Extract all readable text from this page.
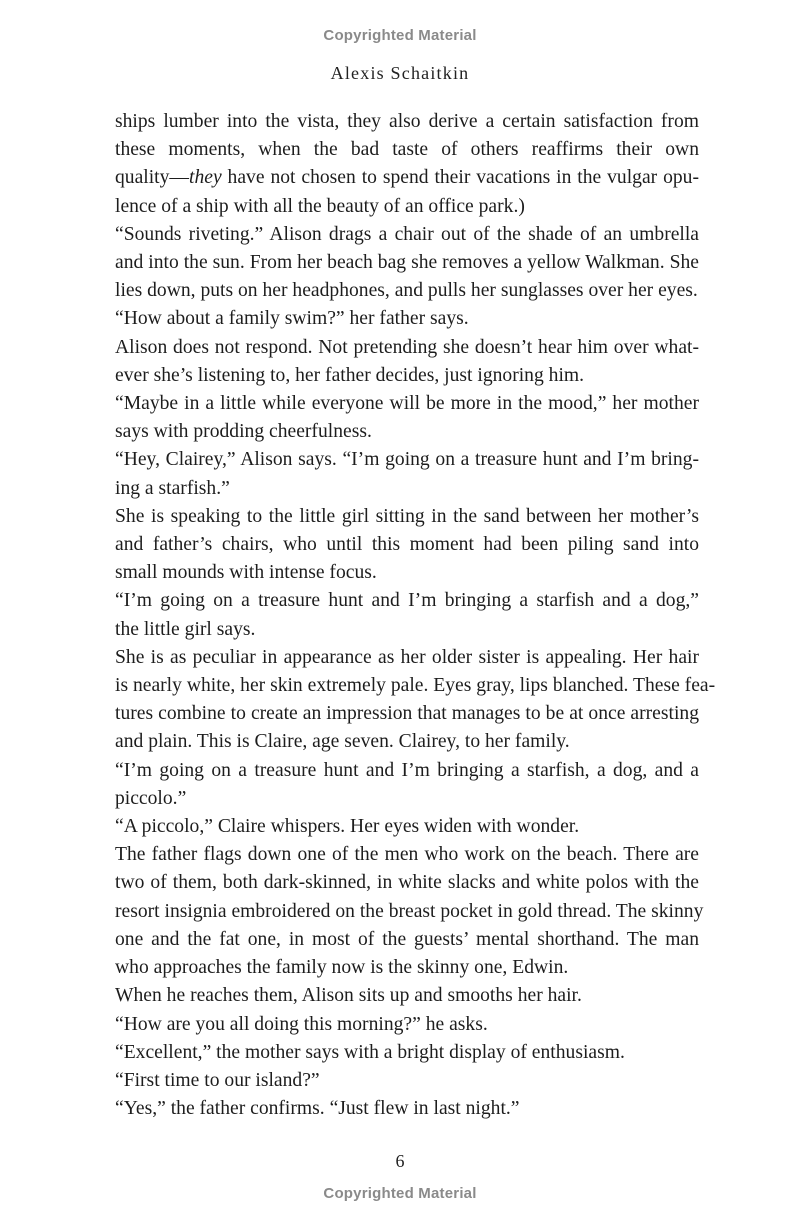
Copyrighted Material
Alexis Schaitkin
ships lumber into the vista, they also derive a certain satisfaction from
these moments, when the bad taste of others reaffirms their own
quality—they have not chosen to spend their vacations in the vulgar opu-
lence of a ship with all the beauty of an office park.)
“Sounds riveting.” Alison drags a chair out of the shade of an umbrella
and into the sun. From her beach bag she removes a yellow Walkman. She
lies down, puts on her headphones, and pulls her sunglasses over her eyes.
“How about a family swim?” her father says.
Alison does not respond. Not pretending she doesn’t hear him over what-
ever she’s listening to, her father decides, just ignoring him.
“Maybe in a little while everyone will be more in the mood,” her mother
says with prodding cheerfulness.
“Hey, Clairey,” Alison says. “I’m going on a treasure hunt and I’m bring-
ing a starfish.”
She is speaking to the little girl sitting in the sand between her mother’s
and father’s chairs, who until this moment had been piling sand into
small mounds with intense focus.
“I’m going on a treasure hunt and I’m bringing a starfish and a dog,”
the little girl says.
She is as peculiar in appearance as her older sister is appealing. Her hair
is nearly white, her skin extremely pale. Eyes gray, lips blanched. These fea-
tures combine to create an impression that manages to be at once arresting
and plain. This is Claire, age seven. Clairey, to her family.
“I’m going on a treasure hunt and I’m bringing a starfish, a dog, and a
piccolo.”
“A piccolo,” Claire whispers. Her eyes widen with wonder.
The father flags down one of the men who work on the beach. There are
two of them, both dark-skinned, in white slacks and white polos with the
resort insignia embroidered on the breast pocket in gold thread. The skinny
one and the fat one, in most of the guests’ mental shorthand. The man
who approaches the family now is the skinny one, Edwin.
When he reaches them, Alison sits up and smooths her hair.
“How are you all doing this morning?” he asks.
“Excellent,” the mother says with a bright display of enthusiasm.
“First time to our island?”
“Yes,” the father confirms. “Just flew in last night.”
6
Copyrighted Material
